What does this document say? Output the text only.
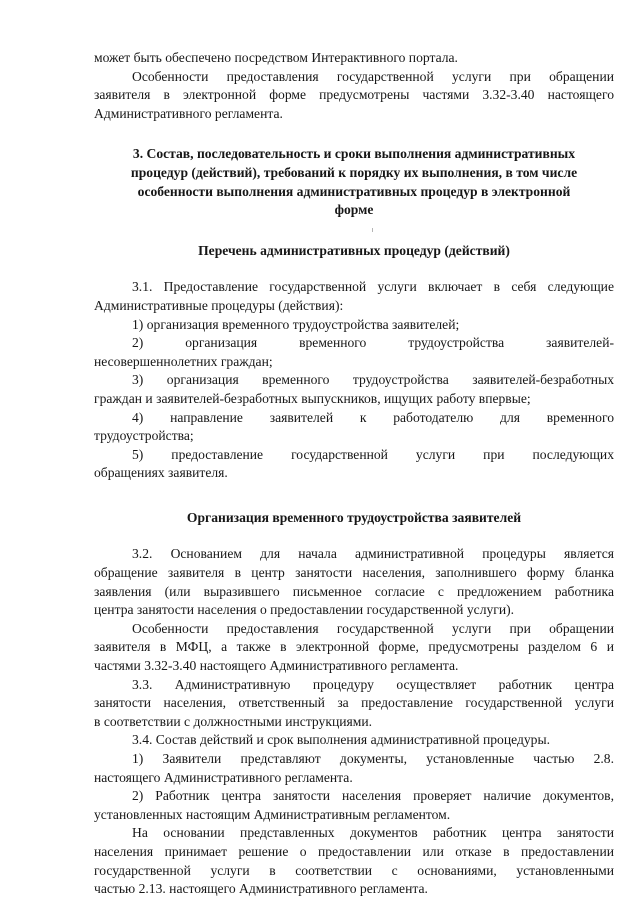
может быть обеспечено посредством Интерактивного портала.

Особенности предоставления государственной услуги при обращении
заявителя в электронной форме предусмотрены частями 3.32-3.40 настоящего
Административного регламента.
3. Состав, последовательность и сроки выполнения административных
процедур (действий), требований к порядку их выполнения, в том числе
особенности выполнения административных процедур в электронной
форме
Перечень административных процедур (действий)
3.1. Предоставление государственной услуги включает в себя следующие
Административные процедуры (действия):
1) организация временного трудоустройства заявителей;
2) организация временного трудоустройства заявителей-
несовершеннолетних граждан;
3) организация временного трудоустройства заявителей-безработных
граждан и заявителей-безработных выпускников, ищущих работу впервые;
4) направление заявителей к работодателю для временного
трудоустройства;
5) предоставление государственной услуги при последующих
обращениях заявителя.
Организация временного трудоустройства заявителей
3.2. Основанием для начала административной процедуры является
обращение заявителя в центр занятости населения, заполнившего форму бланка
заявления (или выразившего письменное согласие с предложением работника
центра занятости населения о предоставлении государственной услуги).
Особенности предоставления государственной услуги при обращении
заявителя в МФЦ, а также в электронной форме, предусмотрены разделом 6 и
частями 3.32-3.40 настоящего Административного регламента.
3.3. Административную процедуру осуществляет работник центра
занятости населения, ответственный за предоставление государственной услуги
в соответствии с должностными инструкциями.
3.4. Состав действий и срок выполнения административной процедуры.
1) Заявители представляют документы, установленные частью 2.8.
настоящего Административного регламента.
2) Работник центра занятости населения проверяет наличие документов,
установленных настоящим Административным регламентом.
На основании представленных документов работник центра занятости
населения принимает решение о предоставлении или отказе в предоставлении
государственной услуги в соответствии с основаниями, установленными
частью 2.13. настоящего Административного регламента.
